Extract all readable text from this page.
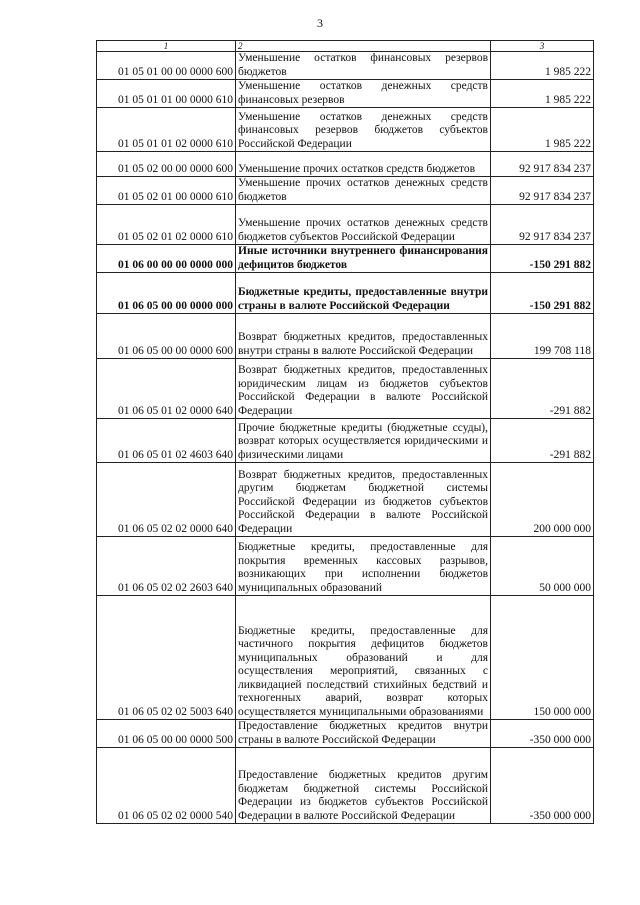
3
1	2	3
01 05 01 00 00 0000 600	Уменьшение остатков финансовых резервов бюджетов	1 985 222
01 05 01 01 00 0000 610	Уменьшение остатков денежных средств финансовых резервов	1 985 222
01 05 01 01 02 0000 610	Уменьшение остатков денежных средств финансовых резервов бюджетов субъектов Российской Федерации	1 985 222
01 05 02 00 00 0000 600	Уменьшение прочих остатков средств бюджетов	92 917 834 237
01 05 02 01 00 0000 610	Уменьшение прочих остатков денежных средств бюджетов	92 917 834 237
01 05 02 01 02 0000 610	Уменьшение прочих остатков денежных средств бюджетов субъектов Российской Федерации	92 917 834 237
01 06 00 00 00 0000 000	Иные источники внутреннего финансирования дефицитов бюджетов	-150 291 882
01 06 05 00 00 0000 000	Бюджетные кредиты, предоставленные внутри страны в валюте Российской Федерации	-150 291 882
01 06 05 00 00 0000 600	Возврат бюджетных кредитов, предоставленных внутри страны в валюте Российской Федерации	199 708 118
01 06 05 01 02 0000 640	Возврат бюджетных кредитов, предоставленных юридическим лицам из бюджетов субъектов Российской Федерации в валюте Российской Федерации	-291 882
01 06 05 01 02 4603 640	Прочие бюджетные кредиты (бюджетные ссуды), возврат которых осуществляется юридическими и физическими лицами	-291 882
01 06 05 02 02 0000 640	Возврат бюджетных кредитов, предоставленных другим бюджетам бюджетной системы Российской Федерации из бюджетов субъектов Российской Федерации в валюте Российской Федерации	200 000 000
01 06 05 02 02 2603 640	Бюджетные кредиты, предоставленные для покрытия временных кассовых разрывов, возникающих при исполнении бюджетов муниципальных образований	50 000 000
01 06 05 02 02 5003 640	Бюджетные кредиты, предоставленные для частичного покрытия дефицитов бюджетов муниципальных образований и для осуществления мероприятий, связанных с ликвидацией последствий стихийных бедствий и техногенных аварий, возврат которых осуществляется муниципальными образованиями	150 000 000
01 06 05 00 00 0000 500	Предоставление бюджетных кредитов внутри страны в валюте Российской Федерации	-350 000 000
01 06 05 02 02 0000 540	Предоставление бюджетных кредитов другим бюджетам бюджетной системы Российской Федерации из бюджетов субъектов Российской Федерации в валюте Российской Федерации	-350 000 000
